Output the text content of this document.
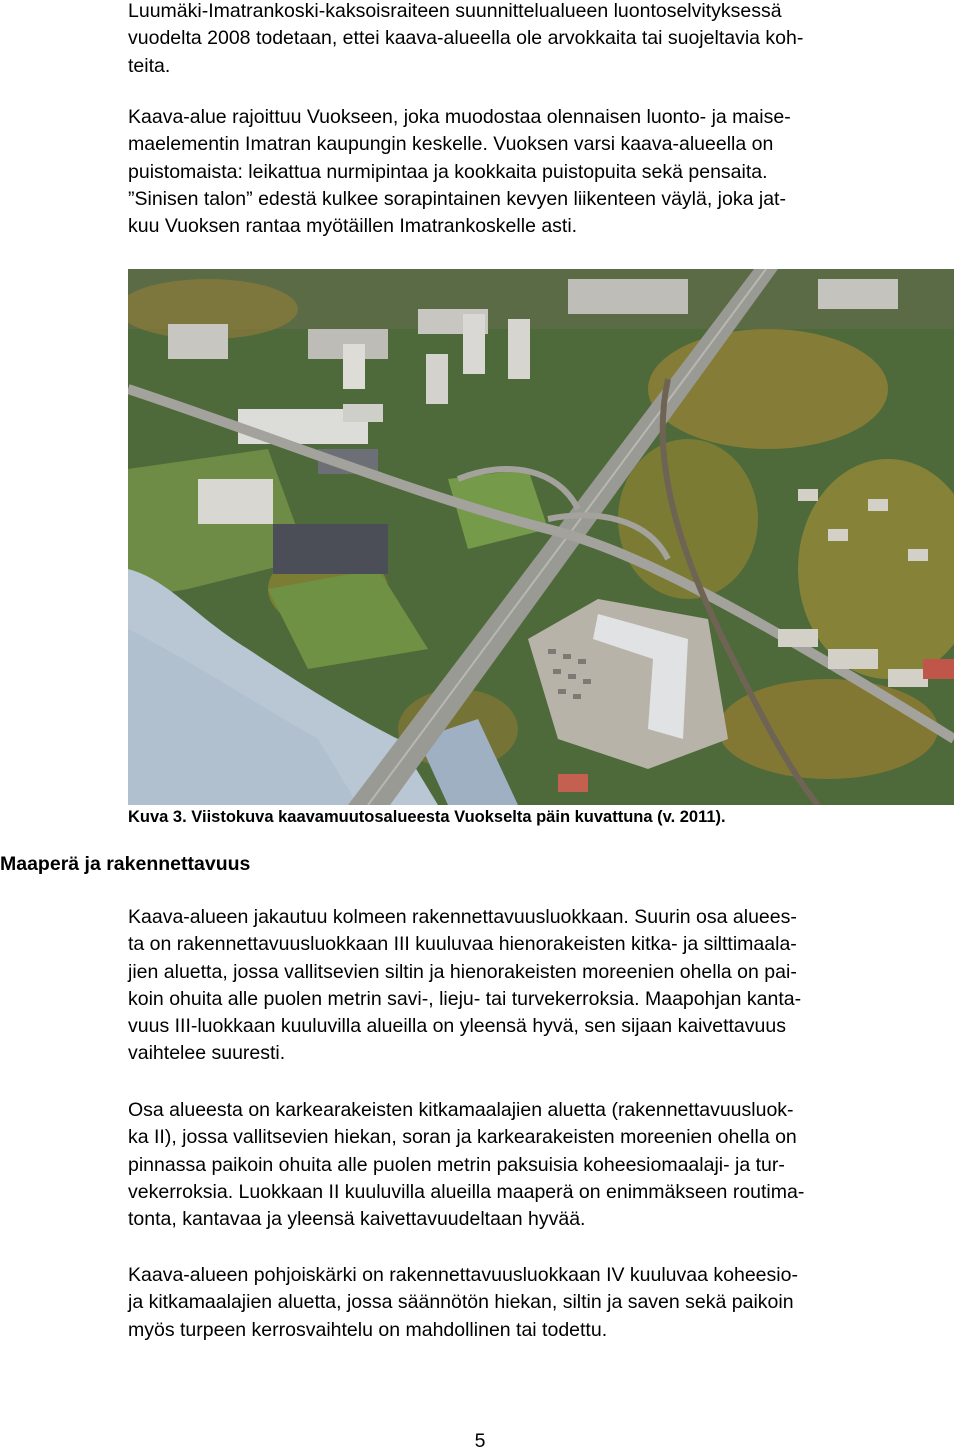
Luumäki-Imatrankoski-kaksoisraiteen suunnittelualueen luontoselvityksessä
vuodelta 2008 todetaan, ettei kaava-alueella ole arvokkaita tai suojeltavia koh-
teita.
Kaava-alue rajoittuu Vuokseen, joka muodostaa olennaisen luonto- ja maise-
maelementin Imatran kaupungin keskelle. Vuoksen varsi kaava-alueella on
puistomaista: leikattua nurmipintaa ja kookkaita puistopuita sekä pensaita.
”Sinisen talon” edestä kulkee sorapintainen kevyen liikenteen väylä, joka jat-
kuu Vuoksen rantaa myötäillen Imatrankoskelle asti.

Kuva 3. Viistokuva kaavamuutosalueesta Vuokselta päin kuvattuna (v. 2011).

Maaperä ja rakennettavuus
Kaava-alueen jakautuu kolmeen rakennettavuusluokkaan. Suurin osa aluees-
ta on rakennettavuusluokkaan III kuuluvaa hienorakeisten kitka- ja silttimaala-
jien aluetta, jossa vallitsevien siltin ja hienorakeisten moreenien ohella on pai-
koin ohuita alle puolen metrin savi-, lieju- tai turvekerroksia. Maapohjan kanta-
vuus III-luokkaan kuuluvilla alueilla on yleensä hyvä, sen sijaan kaivettavuus
vaihtelee suuresti.
Osa alueesta on karkearakeisten kitkamaalajien aluetta (rakennettavuusluok-
ka II), jossa vallitsevien hiekan, soran ja karkearakeisten moreenien ohella on
pinnassa paikoin ohuita alle puolen metrin paksuisia koheesiomaalaji- ja tur-
vekerroksia. Luokkaan II kuuluvilla alueilla maaperä on enimmäkseen routima-
tonta, kantavaa ja yleensä kaivettavuudeltaan hyvää.
Kaava-alueen pohjoiskärki on rakennettavuusluokkaan IV kuuluvaa koheesio-
ja kitkamaalajien aluetta, jossa säännötön hiekan, siltin ja saven sekä paikoin
myös turpeen kerrosvaihtelu on mahdollinen tai todettu.
5
